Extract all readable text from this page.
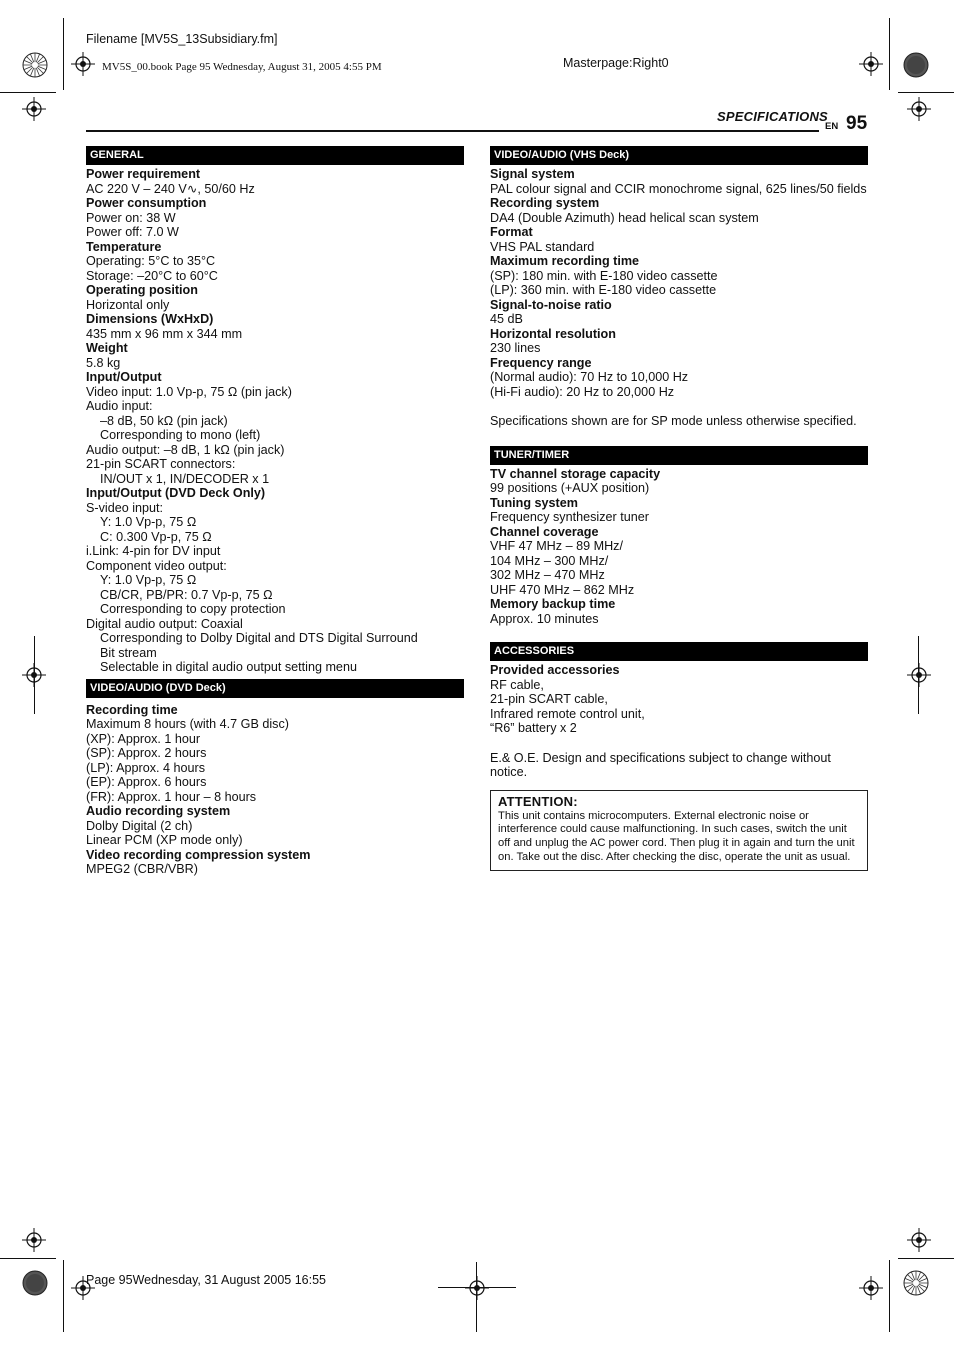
Filename [MV5S_13Subsidiary.fm]
MV5S_00.book Page 95 Wednesday, August 31, 2005 4:55 PM	Masterpage:Right0
SPECIFICATIONS
EN 95
GENERAL
Power requirement
AC 220 V – 240 V∿, 50/60 Hz
Power consumption
Power on: 38 W
Power off: 7.0 W
Temperature
Operating: 5°C to 35°C
Storage: –20°C to 60°C
Operating position
Horizontal only
Dimensions (WxHxD)
435 mm x 96 mm x 344 mm
Weight
5.8 kg
Input/Output
Video input: 1.0 Vp-p, 75 Ω (pin jack)
Audio input:
–8 dB, 50 kΩ (pin jack)
Corresponding to mono (left)
Audio output: –8 dB, 1 kΩ (pin jack)
21-pin SCART connectors:
IN/OUT x 1, IN/DECODER x 1
Input/Output (DVD Deck Only)
S-video input:
Y: 1.0 Vp-p, 75 Ω
C: 0.300 Vp-p, 75 Ω
i.Link: 4-pin for DV input
Component video output:
Y: 1.0 Vp-p, 75 Ω
CB/CR, PB/PR: 0.7 Vp-p, 75 Ω
Corresponding to copy protection
Digital audio output: Coaxial
Corresponding to Dolby Digital and DTS Digital Surround
Bit stream
Selectable in digital audio output setting menu
VIDEO/AUDIO (DVD Deck)
Recording time
Maximum 8 hours (with 4.7 GB disc)
(XP): Approx. 1 hour
(SP): Approx. 2 hours
(LP): Approx. 4 hours
(EP): Approx. 6 hours
(FR): Approx. 1 hour – 8 hours
Audio recording system
Dolby Digital (2 ch)
Linear PCM (XP mode only)
Video recording compression system
MPEG2 (CBR/VBR)
VIDEO/AUDIO (VHS Deck)
Signal system
PAL colour signal and CCIR monochrome signal, 625 lines/50 fields
Recording system
DA4 (Double Azimuth) head helical scan system
Format
VHS PAL standard
Maximum recording time
(SP): 180 min. with E-180 video cassette
(LP): 360 min. with E-180 video cassette
Signal-to-noise ratio
45 dB
Horizontal resolution
230 lines
Frequency range
(Normal audio): 70 Hz to 10,000 Hz
(Hi-Fi audio): 20 Hz to 20,000 Hz
Specifications shown are for SP mode unless otherwise specified.
TUNER/TIMER
TV channel storage capacity
99 positions (+AUX position)
Tuning system
Frequency synthesizer tuner
Channel coverage
VHF 47 MHz – 89 MHz/
104 MHz – 300 MHz/
302 MHz – 470 MHz
UHF 470 MHz – 862 MHz
Memory backup time
Approx. 10 minutes
ACCESSORIES
Provided accessories
RF cable,
21-pin SCART cable,
Infrared remote control unit,
“R6” battery x 2
E.& O.E. Design and specifications subject to change without notice.
ATTENTION:
This unit contains microcomputers. External electronic noise or interference could cause malfunctioning. In such cases, switch the unit off and unplug the AC power cord. Then plug it in again and turn the unit on. Take out the disc. After checking the disc, operate the unit as usual.
Page 95Wednesday, 31 August 2005 16:55
